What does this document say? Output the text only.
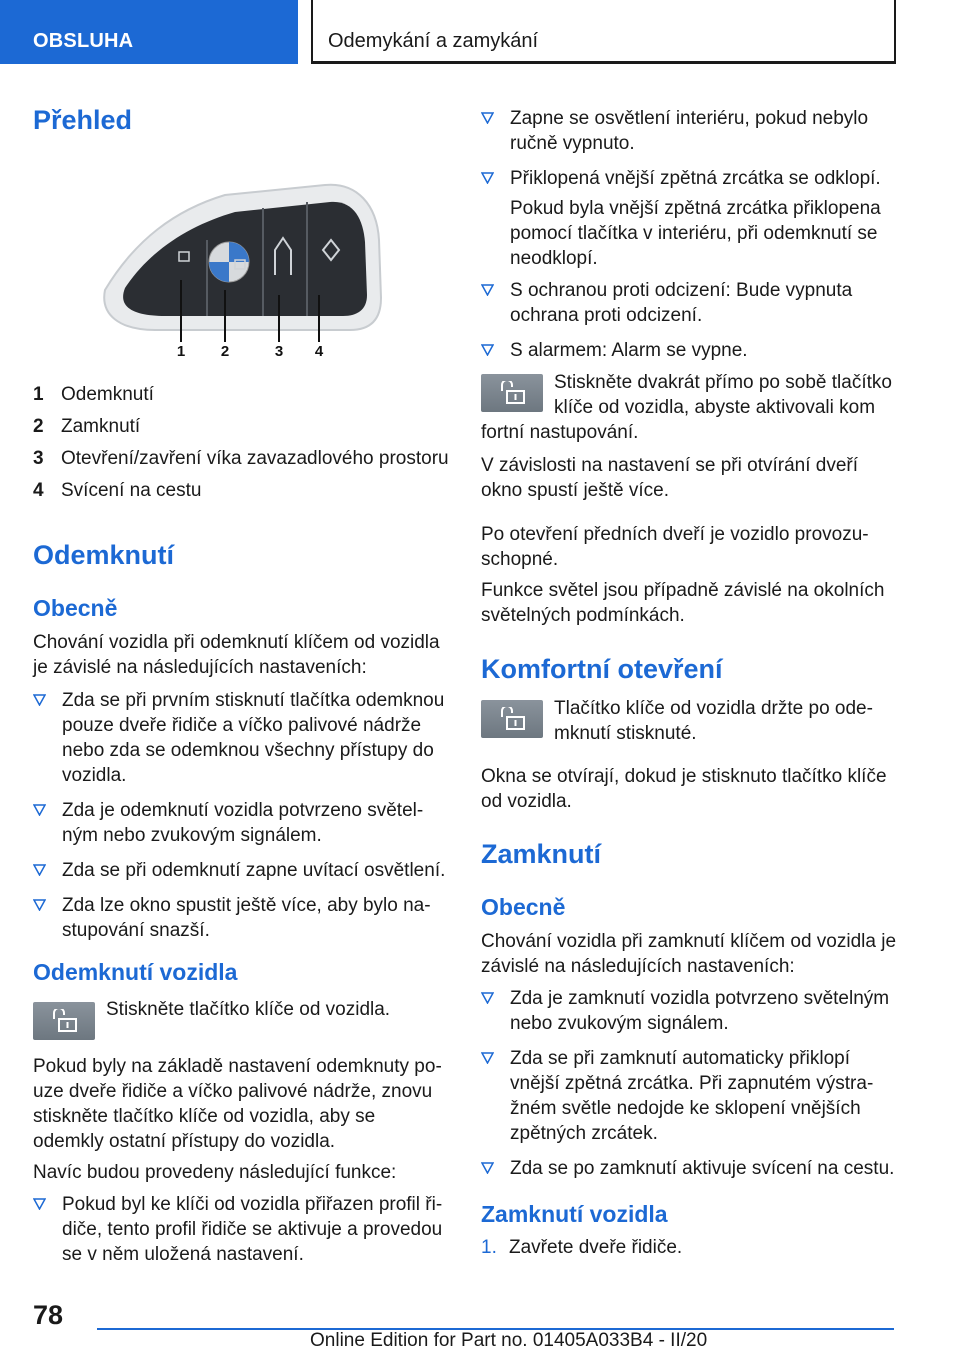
OBSLUHA	Odemykání a zamykání
Přehled
1 2	3 4
1 Odemknutí
2 Zamknutí
3 Otevření/zavření víka zavazadlového prostoru
4 Svícení na cestu
Odemknutí
Obecně
Chování vozidla při odemknutí klíčem od vozidla je závislé na následujících nastaveních:
Zda se při prvním stisknutí tlačítka odemknou pouze dveře řidiče a víčko palivové nádrže nebo zda se odemknou všechny přístupy do vozidla.
Zda je odemknutí vozidla potvrzeno světelným nebo zvukovým signálem.
Zda se při odemknutí zapne uvítací osvětlení.
Zda lze okno spustit ještě více, aby bylo nastupování snazší.
Odemknutí vozidla
Stiskněte tlačítko klíče od vozidla.
Pokud byly na základě nastavení odemknuty pouze dveře řidiče a víčko palivové nádrže, znovu stiskněte tlačítko klíče od vozidla, aby se odemkly ostatní přístupy do vozidla.
Navíc budou provedeny následující funkce:
Pokud byl ke klíči od vozidla přiřazen profil řidiče, tento profil řidiče se aktivuje a provedou se v něm uložená nastavení.
Zapne se osvětlení interiéru, pokud nebylo ručně vypnuto.
Přiklopená vnější zpětná zrcátka se odklopí.
Pokud byla vnější zpětná zrcátka přiklopena pomocí tlačítka v interiéru, při odemknutí se neodklopí.
S ochranou proti odcizení: Bude vypnuta ochrana proti odcizení.
S alarmem: Alarm se vypne.
Stiskněte dvakrát přímo po sobě tlačítko klíče od vozidla, abyste aktivovali kom
fortní nastupování.
V závislosti na nastavení se při otvírání dveří okno spustí ještě více.
Po otevření předních dveří je vozidlo provozuschopné.
Funkce světel jsou případně závislé na okolních světelných podmínkách.
Komfortní otevření
Tlačítko klíče od vozidla držte po odemknutí stisknuté.
Okna se otvírají, dokud je stisknuto tlačítko klíče od vozidla.
Zamknutí
Obecně
Chování vozidla při zamknutí klíčem od vozidla je závislé na následujících nastaveních:
Zda je zamknutí vozidla potvrzeno světelným nebo zvukovým signálem.
Zda se při zamknutí automaticky přiklopí vnější zpětná zrcátka. Při zapnutém výstražném světle nedojde ke sklopení vnějších zpětných zrcátek.
Zda se po zamknutí aktivuje svícení na cestu.
Zamknutí vozidla
1. Zavřete dveře řidiče.
78
Online Edition for Part no. 01405A033B4 - II/20
